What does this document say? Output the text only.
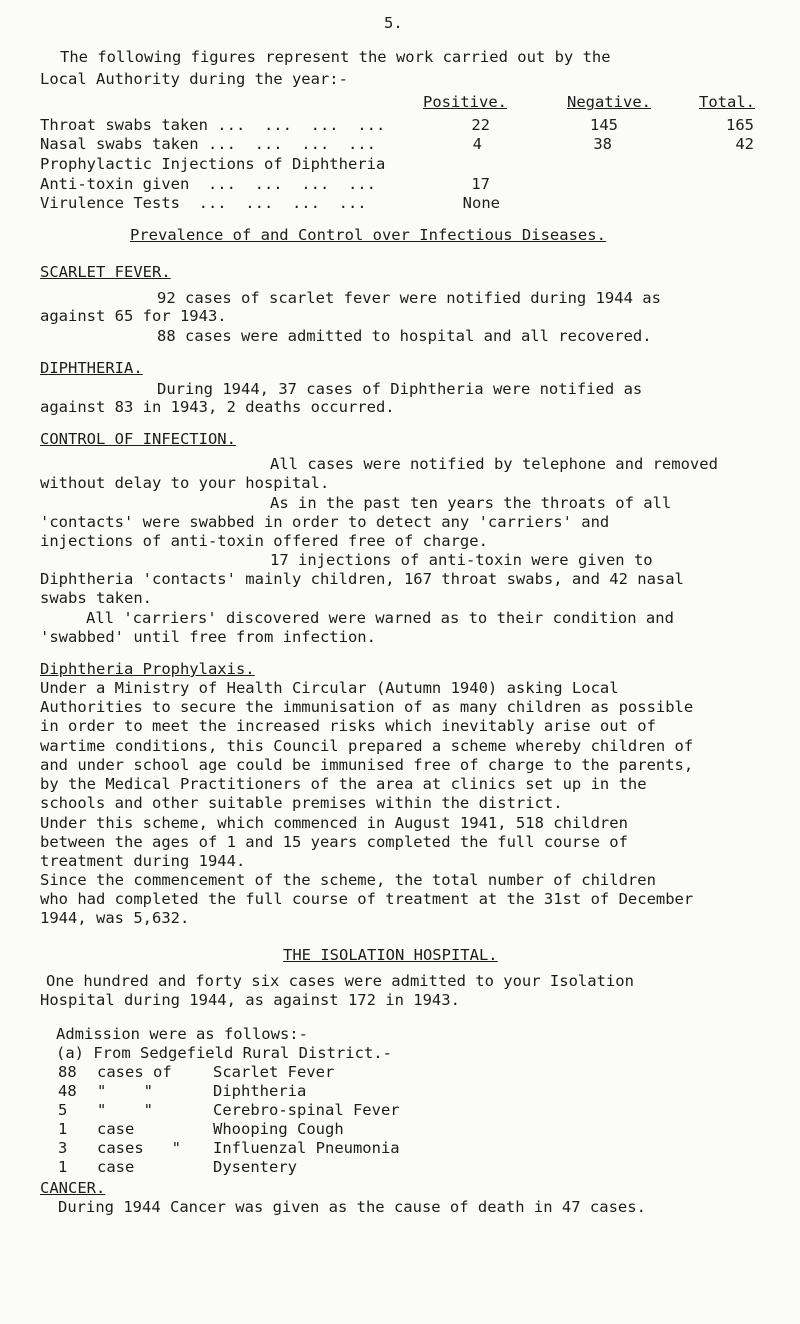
5.
The following figures represent the work carried out by the
Local Authority during the year:-
Positive.	Negative.	Total.
Throat swabs taken ...  ...  ...  ...	22	145	165
Nasal swabs taken ...  ...  ...  ...	4	38	42
Prophylactic Injections of Diphtheria
Anti-toxin given  ...  ...  ...  ...	17
Virulence Tests  ...  ...  ...  ...	None
Prevalence of and Control over Infectious Diseases.
SCARLET FEVER.
92 cases of scarlet fever were notified during 1944 as
against 65 for 1943.
88 cases were admitted to hospital and all recovered.
DIPHTHERIA.
During 1944, 37 cases of Diphtheria were notified as
against 83 in 1943, 2 deaths occurred.
CONTROL OF INFECTION.
All cases were notified by telephone and removed
without delay to your hospital.
As in the past ten years the throats of all
'contacts' were swabbed in order to detect any 'carriers' and
injections of anti-toxin offered free of charge.
17 injections of anti-toxin were given to
Diphtheria 'contacts' mainly children, 167 throat swabs, and 42 nasal
swabs taken.
All 'carriers' discovered were warned as to their condition and
'swabbed' until free from infection.
Diphtheria Prophylaxis.
Under a Ministry of Health Circular (Autumn 1940) asking Local
Authorities to secure the immunisation of as many children as possible
in order to meet the increased risks which inevitably arise out of
wartime conditions, this Council prepared a scheme whereby children of
and under school age could be immunised free of charge to the parents,
by the Medical Practitioners of the area at clinics set up in the
schools and other suitable premises within the district.
Under this scheme, which commenced in August 1941, 518 children
between the ages of 1 and 15 years completed the full course of
treatment during 1944.
Since the commencement of the scheme, the total number of children
who had completed the full course of treatment at the 31st of December
1944, was 5,632.
THE ISOLATION HOSPITAL.
One hundred and forty six cases were admitted to your Isolation
Hospital during 1944, as against 172 in 1943.
Admission were as follows:-
(a) From Sedgefield Rural District.-
88 cases of	Scarlet Fever
48 "    "	Diphtheria
5 "    "	Cerebro-spinal Fever
1 case	Whooping Cough
3 cases   " Influenzal Pneumonia
1 case	Dysentery
CANCER.
During 1944 Cancer was given as the cause of death in 47 cases.
